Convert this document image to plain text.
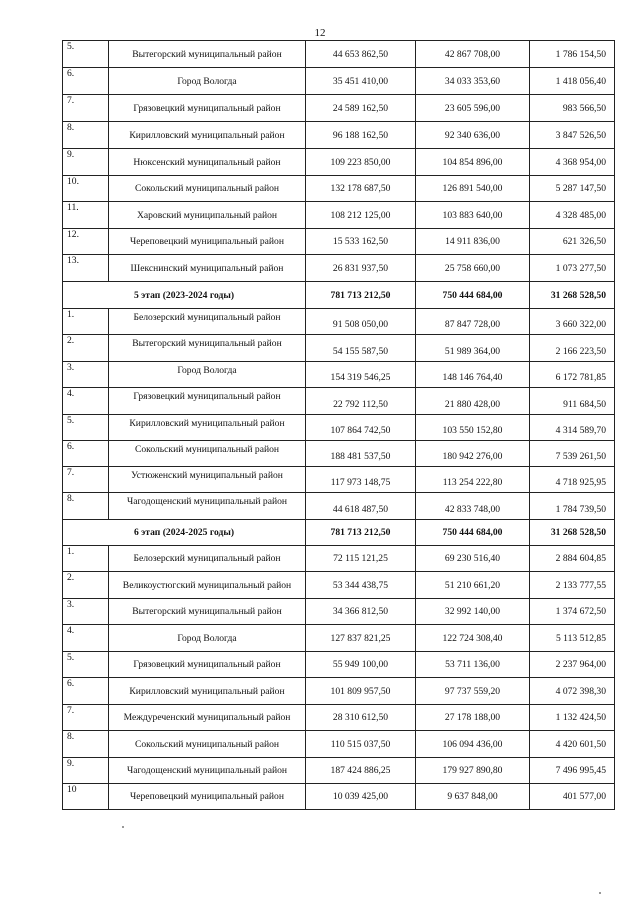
12
5.	Вытегорский муниципальный район	44 653 862,50	42 867 708,00	1 786 154,50
6.	Город Вологда	35 451 410,00	34 033 353,60	1 418 056,40
7.	Грязовецкий муниципальный район	24 589 162,50	23 605 596,00	983 566,50
8.	Кирилловский муниципальный район	96 188 162,50	92 340 636,00	3 847 526,50
9.	Нюксенский муниципальный район	109 223 850,00	104 854 896,00	4 368 954,00
10.	Сокольский муниципальный район	132 178 687,50	126 891 540,00	5 287 147,50
11.	Харовский муниципальный район	108 212 125,00	103 883 640,00	4 328 485,00
12.	Череповецкий муниципальный район	15 533 162,50	14 911 836,00	621 326,50
13.	Шекснинский муниципальный район	26 831 937,50	25 758 660,00	1 073 277,50
5 этап (2023-2024 годы)		781 713 212,50	750 444 684,00	31 268 528,50
1.	Белозерский муниципальный район	91 508 050,00	87 847 728,00	3 660 322,00
2.	Вытегорский муниципальный район	54 155 587,50	51 989 364,00	2 166 223,50
3.	Город Вологда	154 319 546,25	148 146 764,40	6 172 781,85
4.	Грязовецкий муниципальный район	22 792 112,50	21 880 428,00	911 684,50
5.	Кирилловский муниципальный район	107 864 742,50	103 550 152,80	4 314 589,70
6.	Сокольский муниципальный район	188 481 537,50	180 942 276,00	7 539 261,50
7.	Устюженский муниципальный район	117 973 148,75	113 254 222,80	4 718 925,95
8.	Чагодощенский муниципальный район	44 618 487,50	42 833 748,00	1 784 739,50
6 этап (2024-2025 годы)		781 713 212,50	750 444 684,00	31 268 528,50
1.	Белозерский муниципальный район	72 115 121,25	69 230 516,40	2 884 604,85
2.	Великоустюгский муниципальный район	53 344 438,75	51 210 661,20	2 133 777,55
3.	Вытегорский муниципальный район	34 366 812,50	32 992 140,00	1 374 672,50
4.	Город Вологда	127 837 821,25	122 724 308,40	5 113 512,85
5.	Грязовецкий муниципальный район	55 949 100,00	53 711 136,00	2 237 964,00
6.	Кирилловский муниципальный район	101 809 957,50	97 737 559,20	4 072 398,30
7.	Междуреченский муниципальный район	28 310 612,50	27 178 188,00	1 132 424,50
8.	Сокольский муниципальный район	110 515 037,50	106 094 436,00	4 420 601,50
9.	Чагодощенский муниципальный район	187 424 886,25	179 927 890,80	7 496 995,45
10	Череповецкий муниципальный район	10 039 425,00	9 637 848,00	401 577,00
